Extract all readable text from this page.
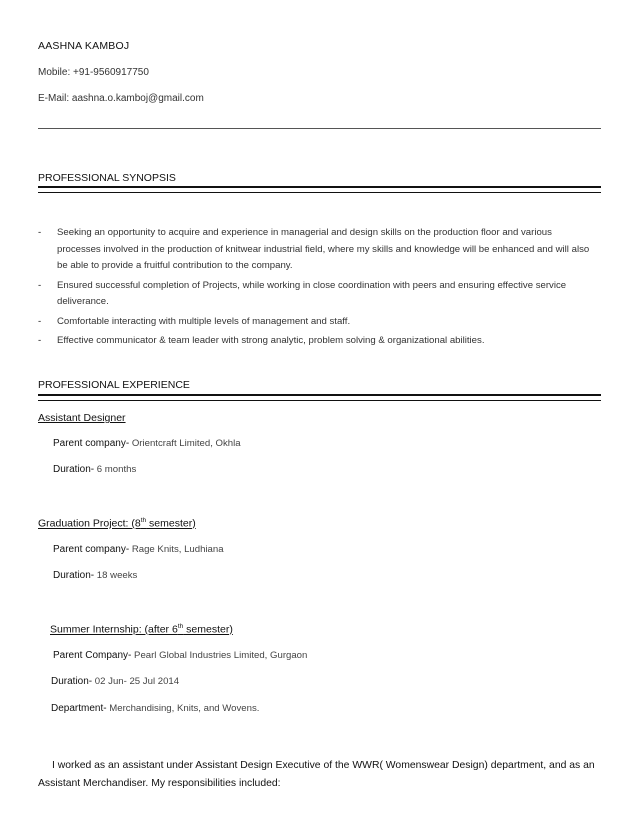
AASHNA KAMBOJ
Mobile: +91-9560917750
E-Mail: aashna.o.kamboj@gmail.com
PROFESSIONAL SYNOPSIS
- Seeking an opportunity to acquire and experience in managerial and design skills on the production floor and various processes involved in the production of knitwear industrial field, where my skills and knowledge will be enhanced and will also be able to provide a fruitful contribution to the company.
- Ensured successful completion of Projects, while working in close coordination with peers and ensuring effective service deliverance.
- Comfortable interacting with multiple levels of management and staff.
- Effective communicator & team leader with strong analytic, problem solving & organizational abilities.
PROFESSIONAL EXPERIENCE
Assistant Designer
Parent company- Orientcraft Limited, Okhla
Duration- 6 months
Graduation Project: (8th semester)
Parent company- Rage Knits, Ludhiana
Duration- 18 weeks
Summer Internship: (after 6th semester)
Parent Company- Pearl Global Industries Limited, Gurgaon
Duration- 02 Jun- 25 Jul 2014
Department- Merchandising, Knits, and Wovens.
I worked as an assistant under Assistant Design Executive of the WWR( Womenswear Design) department, and as an Assistant Merchandiser. My responsibilities included:
